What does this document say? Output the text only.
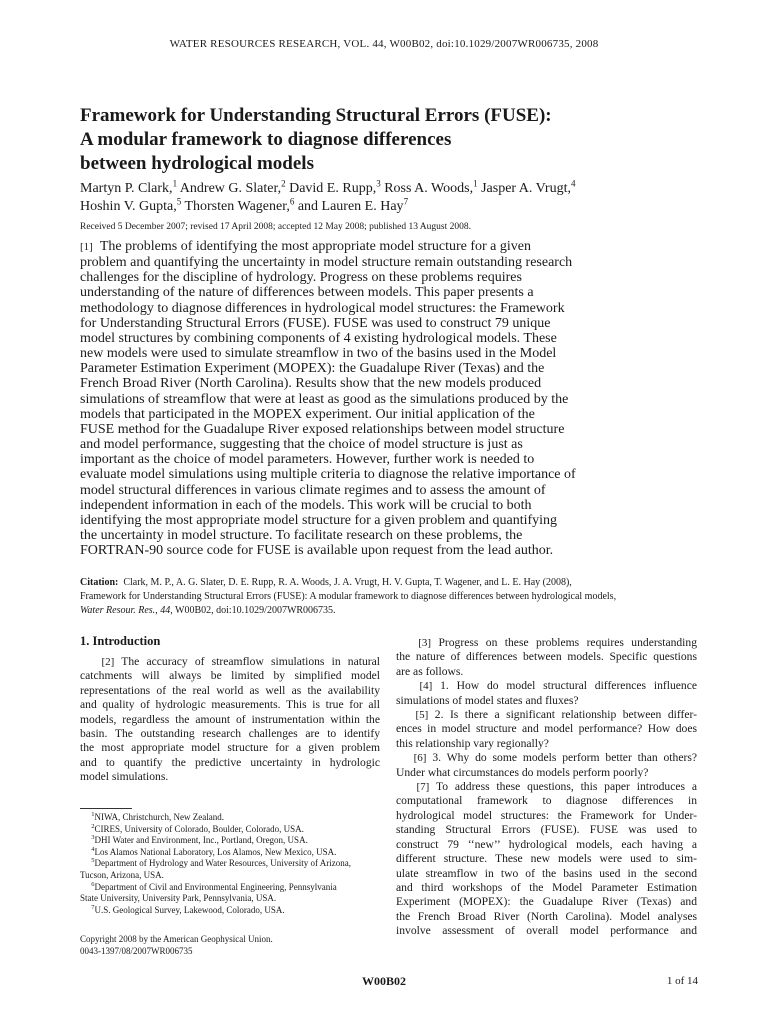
WATER RESOURCES RESEARCH, VOL. 44, W00B02, doi:10.1029/2007WR006735, 2008
Framework for Understanding Structural Errors (FUSE):
A modular framework to diagnose differences
between hydrological models
Martyn P. Clark,$^1$ Andrew G. Slater,$^2$ David E. Rupp,$^3$ Ross A. Woods,$^1$ Jasper A. Vrugt,$^4$
Hoshin V. Gupta,$^5$ Thorsten Wagener,$^6$ and Lauren E. Hay$^7$
Received 5 December 2007; revised 17 April 2008; accepted 12 May 2008; published 13 August 2008.
[1] The problems of identifying the most appropriate model structure for a given
problem and quantifying the uncertainty in model structure remain outstanding research
challenges for the discipline of hydrology. Progress on these problems requires
understanding of the nature of differences between models. This paper presents a
methodology to diagnose differences in hydrological model structures: the Framework
for Understanding Structural Errors (FUSE). FUSE was used to construct 79 unique
model structures by combining components of 4 existing hydrological models. These
new models were used to simulate streamflow in two of the basins used in the Model
Parameter Estimation Experiment (MOPEX): the Guadalupe River (Texas) and the
French Broad River (North Carolina). Results show that the new models produced
simulations of streamflow that were at least as good as the simulations produced by the
models that participated in the MOPEX experiment. Our initial application of the
FUSE method for the Guadalupe River exposed relationships between model structure
and model performance, suggesting that the choice of model structure is just as
important as the choice of model parameters. However, further work is needed to
evaluate model simulations using multiple criteria to diagnose the relative importance of
model structural differences in various climate regimes and to assess the amount of
independent information in each of the models. This work will be crucial to both
identifying the most appropriate model structure for a given problem and quantifying
the uncertainty in model structure. To facilitate research on these problems, the
FORTRAN-90 source code for FUSE is available upon request from the lead author.
Citation: Clark, M. P., A. G. Slater, D. E. Rupp, R. A. Woods, J. A. Vrugt, H. V. Gupta, T. Wagener, and L. E. Hay (2008),
Framework for Understanding Structural Errors (FUSE): A modular framework to diagnose differences between hydrological models,
Water Resour. Res., 44, W00B02, doi:10.1029/2007WR006735.
1. Introduction
[2] The accuracy of streamflow simulations in natural
catchments will always be limited by simplified model
representations of the real world as well as the availability
and quality of hydrologic measurements. This is true for all
models, regardless the amount of instrumentation within the
basin. The outstanding research challenges are to identify
the most appropriate model structure for a given problem
and to quantify the predictive uncertainty in hydrologic
model simulations.
$^1$NIWA, Christchurch, New Zealand.
$^2$CIRES, University of Colorado, Boulder, Colorado, USA.
$^3$DHI Water and Environment, Inc., Portland, Oregon, USA.
$^4$Los Alamos National Laboratory, Los Alamos, New Mexico, USA.
$^5$Department of Hydrology and Water Resources, University of Arizona,
Tucson, Arizona, USA.
$^6$Department of Civil and Environmental Engineering, Pennsylvania
State University, University Park, Pennsylvania, USA.
$^7$U.S. Geological Survey, Lakewood, Colorado, USA.
Copyright 2008 by the American Geophysical Union.
0043-1397/08/2007WR006735
[3] Progress on these problems requires understanding
the nature of differences between models. Specific questions
are as follows.
[4] 1. How do model structural differences influence
simulations of model states and fluxes?
[5] 2. Is there a significant relationship between differ-
ences in model structure and model performance? How does
this relationship vary regionally?
[6] 3. Why do some models perform better than others?
Under what circumstances do models perform poorly?
[7] To address these questions, this paper introduces a
computational framework to diagnose differences in
hydrological model structures: the Framework for Under-
standing Structural Errors (FUSE). FUSE was used to
construct 79 ‘‘new’’ hydrological models, each having a
different structure. These new models were used to sim-
ulate streamflow in two of the basins used in the second
and third workshops of the Model Parameter Estimation
Experiment (MOPEX): the Guadalupe River (Texas) and
the French Broad River (North Carolina). Model analyses
involve assessment of overall model performance and
W00B02	1 of 14
